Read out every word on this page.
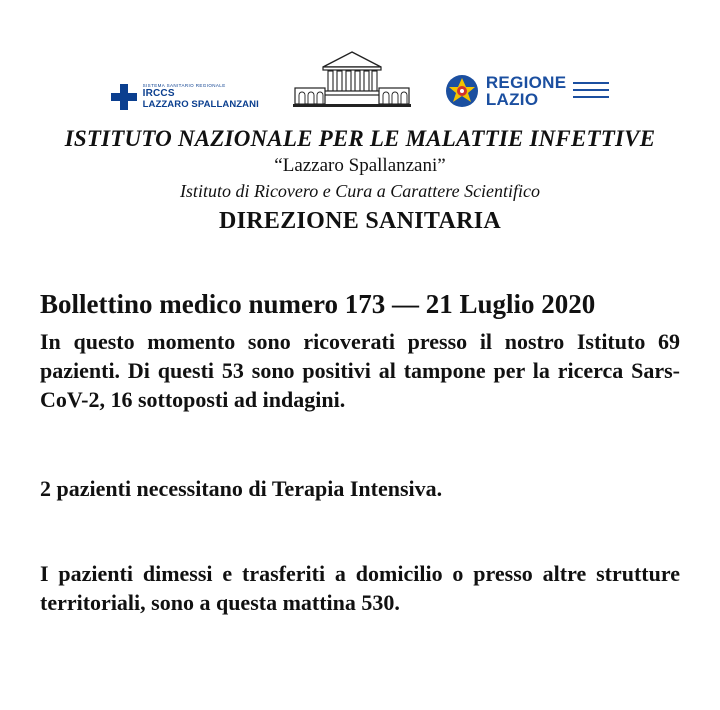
SISTEMA SANITARIO REGIONALE
IRCCS
LAZZARO SPALLANZANI
REGIONE
LAZIO

ISTITUTO NAZIONALE PER LE MALATTIE INFETTIVE

“Lazzaro Spallanzani”

Istituto di Ricovero e Cura a Carattere Scientifico

DIREZIONE SANITARIA

Bollettino medico numero 173 — 21 Luglio 2020

In questo momento sono ricoverati presso il nostro Istituto 69 pazienti. Di questi 53 sono positivi al tampone per la ricerca Sars-CoV-2, 16 sottoposti ad indagini.

2 pazienti necessitano di Terapia Intensiva.

I pazienti dimessi e trasferiti a domicilio o presso altre strutture territoriali, sono a questa mattina 530.
